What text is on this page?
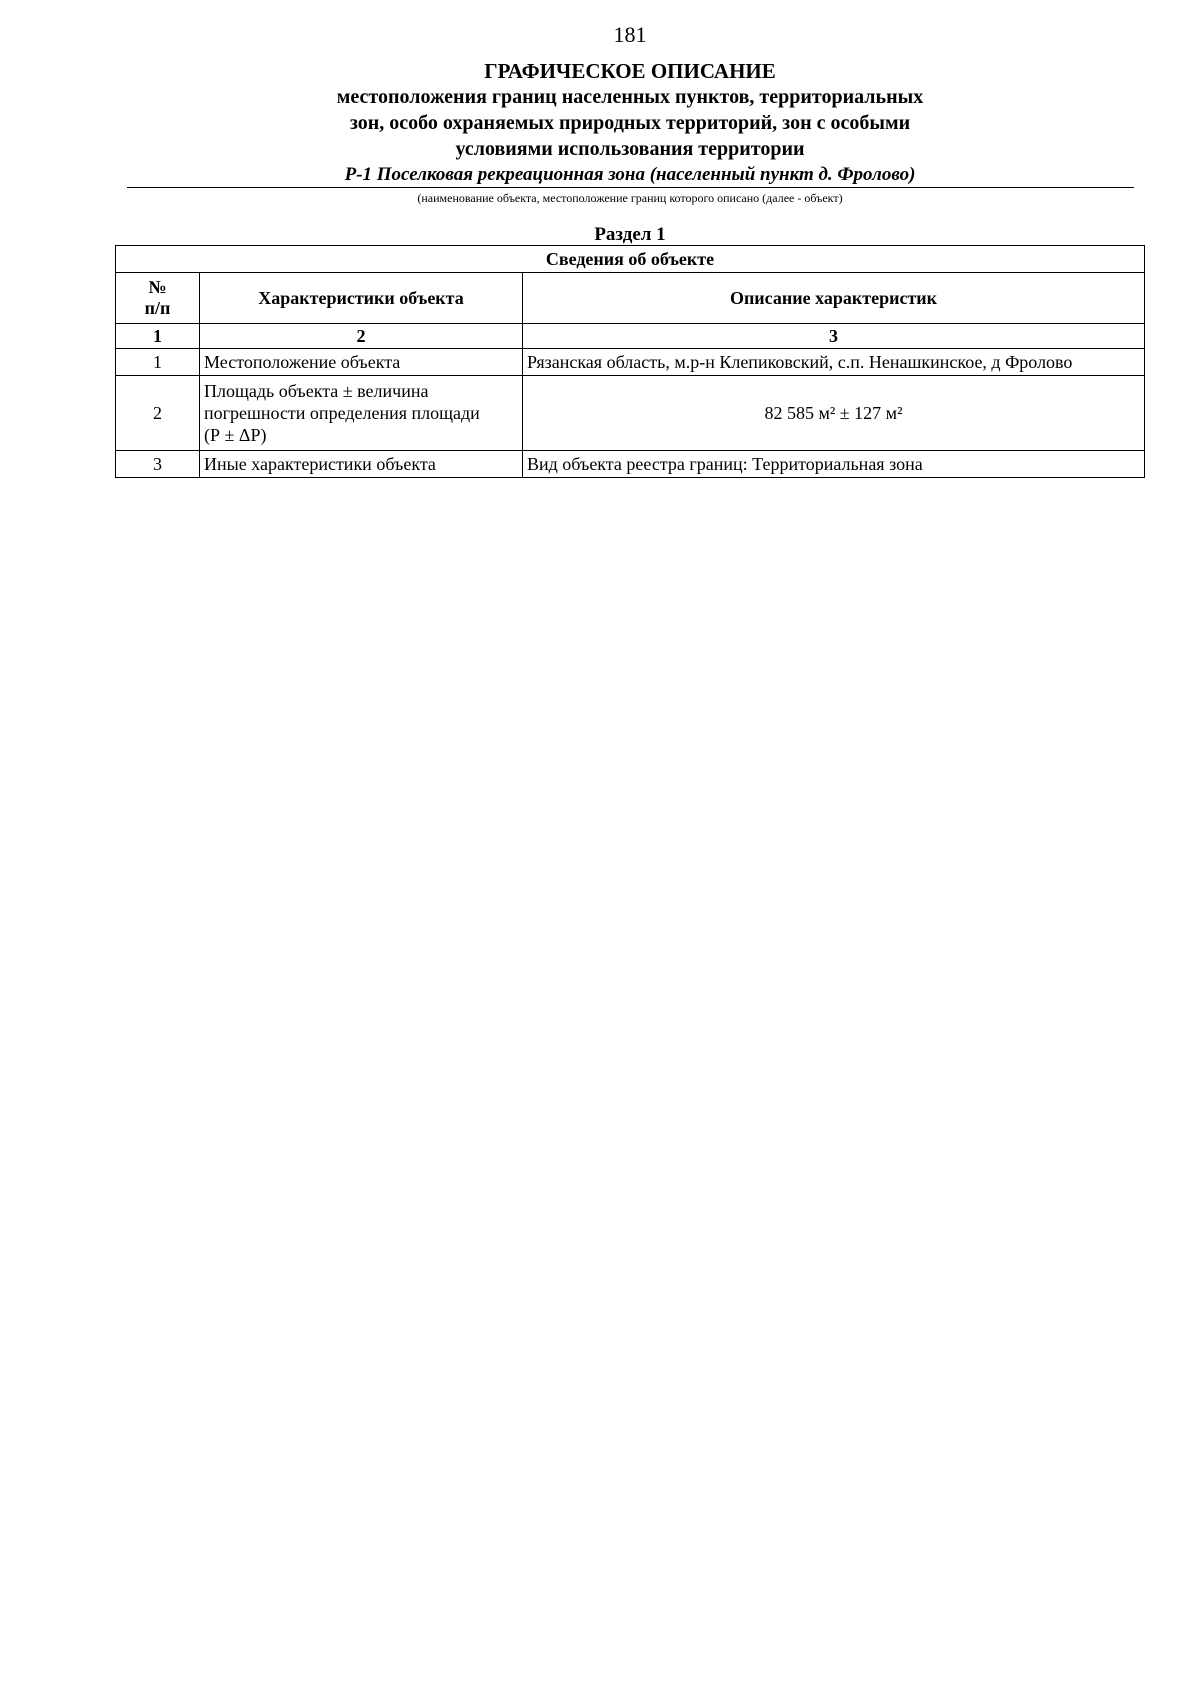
181
ГРАФИЧЕСКОЕ ОПИСАНИЕ
местоположения границ населенных пунктов, территориальных
зон, особо охраняемых природных территорий, зон с особыми
условиями использования территории
Р-1 Поселковая рекреационная зона (населенный пункт д. Фролово)
(наименование объекта, местоположение границ которого описано (далее - объект)
Раздел 1
Сведения об объекте		
№
п/п	Характеристики объекта	Описание характеристик
1	2	3
1	Местоположение объекта	Рязанская область, м.р-н Клепиковский, с.п. Ненашкинское, д Фролово
2	Площадь объекта ± величина
погрешности определения площади
(Р ± ΔР)	82 585 м² ± 127 м²
3	Иные характеристики объекта	Вид объекта реестра границ: Территориальная зона
